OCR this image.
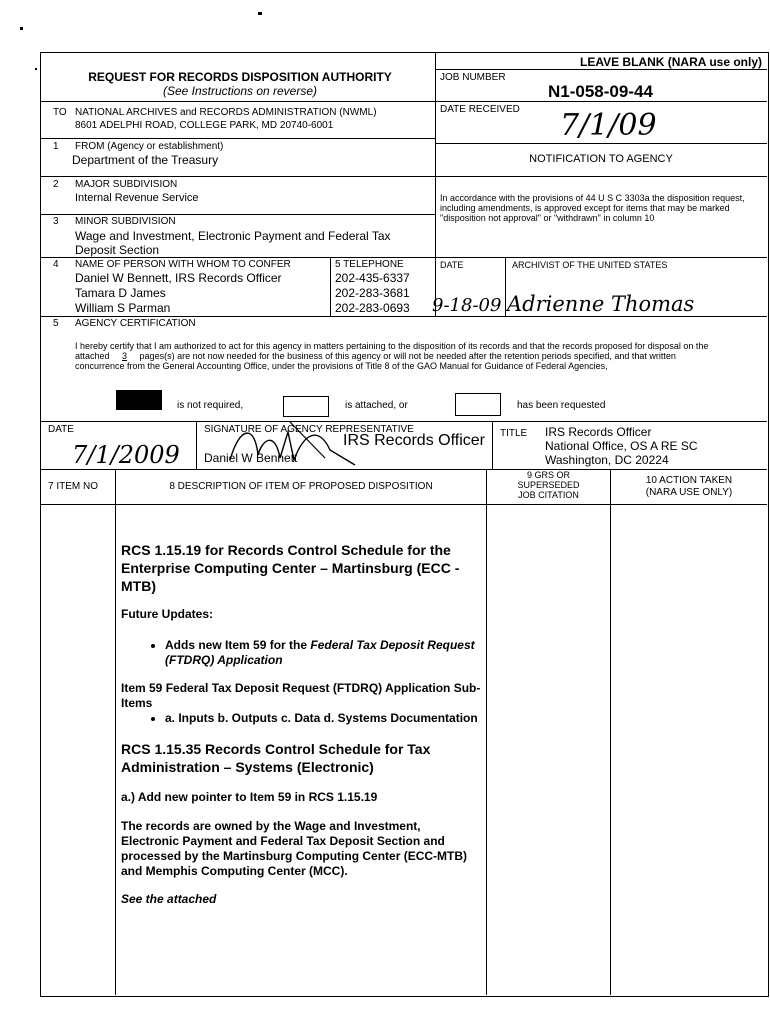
REQUEST FOR RECORDS DISPOSITION AUTHORITY
(See Instructions on reverse)
LEAVE BLANK (NARA use only)
JOB NUMBER
N1-058-09-44
TO NATIONAL ARCHIVES and RECORDS ADMINISTRATION (NWML)
8601 ADELPHI ROAD, COLLEGE PARK, MD 20740-6001
DATE RECEIVED 7/1/09
1 FROM (Agency or establishment)
Department of the Treasury	NOTIFICATION TO AGENCY
2 MAJOR SUBDIVISION
Internal Revenue Service	In accordance with the provisions of 44 U S C 3303a the disposition request, including amendments, is approved except for items that may be marked "disposition not approval" or "withdrawn" in column 10
3 MINOR SUBDIVISION
Wage and Investment, Electronic Payment and Federal Tax
Deposit Section
4 NAME OF PERSON WITH WHOM TO CONFER	5 TELEPHONE
Daniel W Bennett, IRS Records Officer	202-435-6337
Tamara D James	202-283-3681
William S Parman	202-283-0693
DATE	ARCHIVIST OF THE UNITED STATES
9-18-09 Adrienne Thomas
5 AGENCY CERTIFICATION
I hereby certify that I am authorized to act for this agency in matters pertaining to the disposition of its records and that the records proposed for disposal on the attached 3 pages(s) are not now needed for the business of this agency or will not be needed after the retention periods specified, and that written concurrence from the General Accounting Office, under the provisions of Title 8 of the GAO Manual for Guidance of Federal Agencies,
is not required,	is attached, or	has been requested
DATE
7/1/2009
SIGNATURE OF AGENCY REPRESENTATIVE
IRS Records Officer
Daniel W Bennett
TITLE IRS Records Officer
National Office, OS A RE SC
Washington, DC 20224
7 ITEM NO	8 DESCRIPTION OF ITEM OF PROPOSED DISPOSITION
9 GRS OR
SUPERSEDED
JOB CITATION
10 ACTION TAKEN
(NARA USE ONLY)
RCS 1.15.19 for Records Control Schedule for the Enterprise Computing Center – Martinsburg (ECC - MTB)
Future Updates:
• Adds new Item 59 for the Federal Tax Deposit Request (FTDRQ) Application
Item 59 Federal Tax Deposit Request (FTDRQ) Application Sub-Items
• a. Inputs b. Outputs c. Data d. Systems Documentation
RCS 1.15.35 Records Control Schedule for Tax Administration – Systems (Electronic)
a.) Add new pointer to Item 59 in RCS 1.15.19
The records are owned by the Wage and Investment, Electronic Payment and Federal Tax Deposit Section and processed by the Martinsburg Computing Center (ECC-MTB) and Memphis Computing Center (MCC).
See the attached
